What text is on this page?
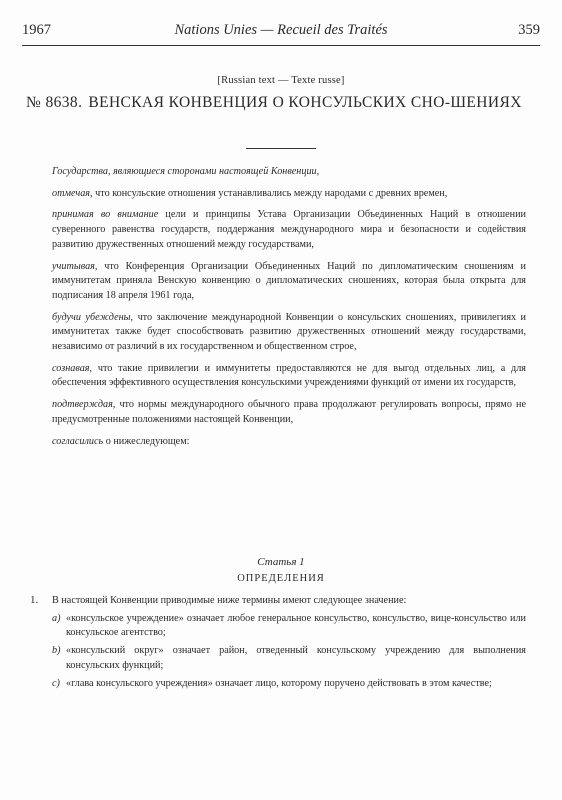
1967	Nations Unies — Recueil des Traités	359
[Russian text — Texte russe]
№ 8638. ВЕНСКАЯ КОНВЕНЦИЯ О КОНСУЛЬСКИХ СНО-ШЕНИЯХ

Государства, являющиеся сторонами настоящей Конвенции,

отмечая, что консульские отношения устанавливались между народами с древних времен,

принимая во внимание цели и принципы Устава Организации Объединенных Наций в отношении суверенного равенства государств, поддержания международного мира и безопасности и содействия развитию дружественных отношений между государствами,

учитывая, что Конференция Организации Объединенных Наций по дипломатическим сношениям и иммунитетам приняла Венскую конвенцию о дипломатических сношениях, которая была открыта для подписания 18 апреля 1961 года,

будучи убеждены, что заключение международной Конвенции о консульских сношениях, привилегиях и иммунитетах также будет способствовать развитию дружественных отношений между государствами, независимо от различий в их государственном и общественном строе,

сознавая, что такие привилегии и иммунитеты предоставляются не для выгод отдельных лиц, а для обеспечения эффективного осуществления консульскими учреждениями функций от имени их государств,

подтверждая, что нормы международного обычного права продолжают регулировать вопросы, прямо не предусмотренные положениями настоящей Конвенции,

согласились о нижеследующем:

Статья 1
ОПРЕДЕЛЕНИЯ

1. В настоящей Конвенции приводимые ниже термины имеют следующее значение:

a) «консульское учреждение» означает любое генеральное консульство, консульство, вице-консульство или консульское агентство;

b) «консульский округ» означает район, отведенный консульскому учреждению для выполнения консульских функций;

c) «глава консульского учреждения» означает лицо, которому поручено действовать в этом качестве;
